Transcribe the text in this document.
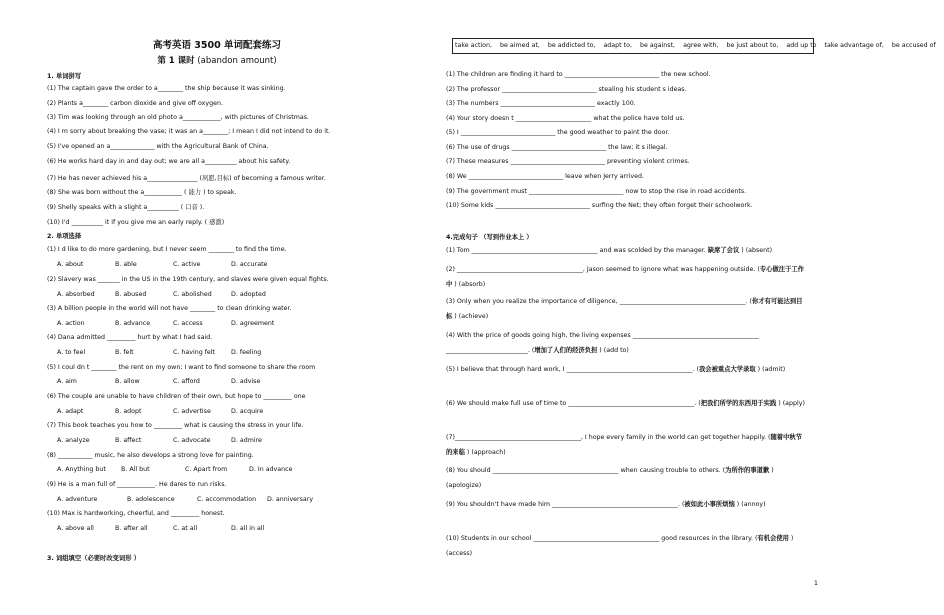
高考英语 3500 单词配套练习
第 1 课时 (abandon amount)
1. 单词拼写
(1) The captain gave the order to a________ the ship because it was sinking.
(2) Plants a________ carbon dioxide and give off oxygen.
(3) Tim was looking through an old photo a____________, with pictures of Christmas.
(4) I m sorry about breaking the vase; it was an a________; I mean I did not intend to do it.
(5) I've opened an a______________ with the Agricultural Bank of China.
(6) He works hard day in and day out; we are all a__________ about his safety.
(7) He has never achieved his a________________ (夙愿,目标) of becoming a famous writer.
(8) She was born without the a____________ ( 能力 ) to speak.
(9) Shelly speaks with a slight a__________ ( 口音 ).
(10) I'd __________ it if you give me an early reply. ( 感激)
2. 单项选择
(1) I d like to do more gardening, but I never seem ________ to find the time.
A. about	B. able	C. active	D. accurate
(2) Slavery was _______ in the US in the 19th century, and slaves were given equal fights.
A. absorbed	B. abused	C. abolished	D. adopted
(3) A billion people in the world will not have ________ to clean drinking water.
A. action	B. advance	C. access	D. agreement
(4) Dana admitted _________ hurt by what I had said.
A. to feel	B. felt	C. having felt	D. feeling
(5) I coul dn t ________ the rent on my own; I want to find someone to share the room
A. aim	B. allow	C. afford	D. advise
(6) The couple are unable to have children of their own, but hope to _________ one
A. adapt	B. adopt	C. advertise	D. acquire
(7) This book teaches you how to _________ what is causing the stress in your life.
A. analyze	B. affect	C. advocate	D. admire
(8) ___________ music, he also develops a strong love for painting.
A. Anything but B. All but	C. Apart from	D. In advance
(9) He is a man full of ____________. He dares to run risks.
A. adventure	B. adolescence	C. accommodation D. anniversary
(10) Max is hardworking, cheerful, and _________ honest.
A. above all	B. after all	C. at all	D. all in all
3. 词组填空（必要时改变词形 ）
take action, be aimed at, be addicted to, adapt to, be against, agree with, be just about to, add up to take advantage of, be accused of
(1) The children are finding it hard to ______________________________ the new school.
(2) The professor ______________________________ stealing his student s ideas.
(3) The numbers ______________________________ exactly 100.
(4) Your story doesn t ________________________ what the police have told us.
(5) I ______________________________ the good weather to paint the door.
(6) The use of drugs ______________________________ the law; it s illegal.
(7) These measures ______________________________ preventing violent crimes.
(8) We ______________________________ leave when Jerry arrived.
(9) The government must ______________________________ now to stop the rise in road accidents.
(10) Some kids ______________________________ surfing the Net; they often forget their schoolwork.
4.完成句子 （写到作业本上 ）
(1) Tom ________________________________________ and was scolded by the manager. 缺席了会议 ) (absent)
(2) ________________________________________, Jason seemed to ignore what was happening outside. (专心做注于工作中 ) (absorb)
(3) Only when you realize the importance of diligence, ________________________________________. (你才有可能达到目标 ) (achieve)
(4) With the price of goods going high, the living expenses ________________________________________ __________________________. (增加了人们的经济负担 ) (add to)
(5) I believe that through hard work, I ________________________________________. (我会被重点大学录取 ) (admit)
(6) We should make full use of time to ________________________________________. (把我们所学的东西用于实践 ) (apply)
(7)________________________________________, I hope every family in the world can get together happily. (随着中秋节的来临 ) (approach)
(8) You should ________________________________________ when causing trouble to others. (为所作的事道歉 ) (apologize)
(9) You shouldn't have made him ________________________________________. (被如此小事所烦恼 ) (annoy)
(10) Students in our school ________________________________________ good resources in the library. (有机会使用 ) (access)
1
